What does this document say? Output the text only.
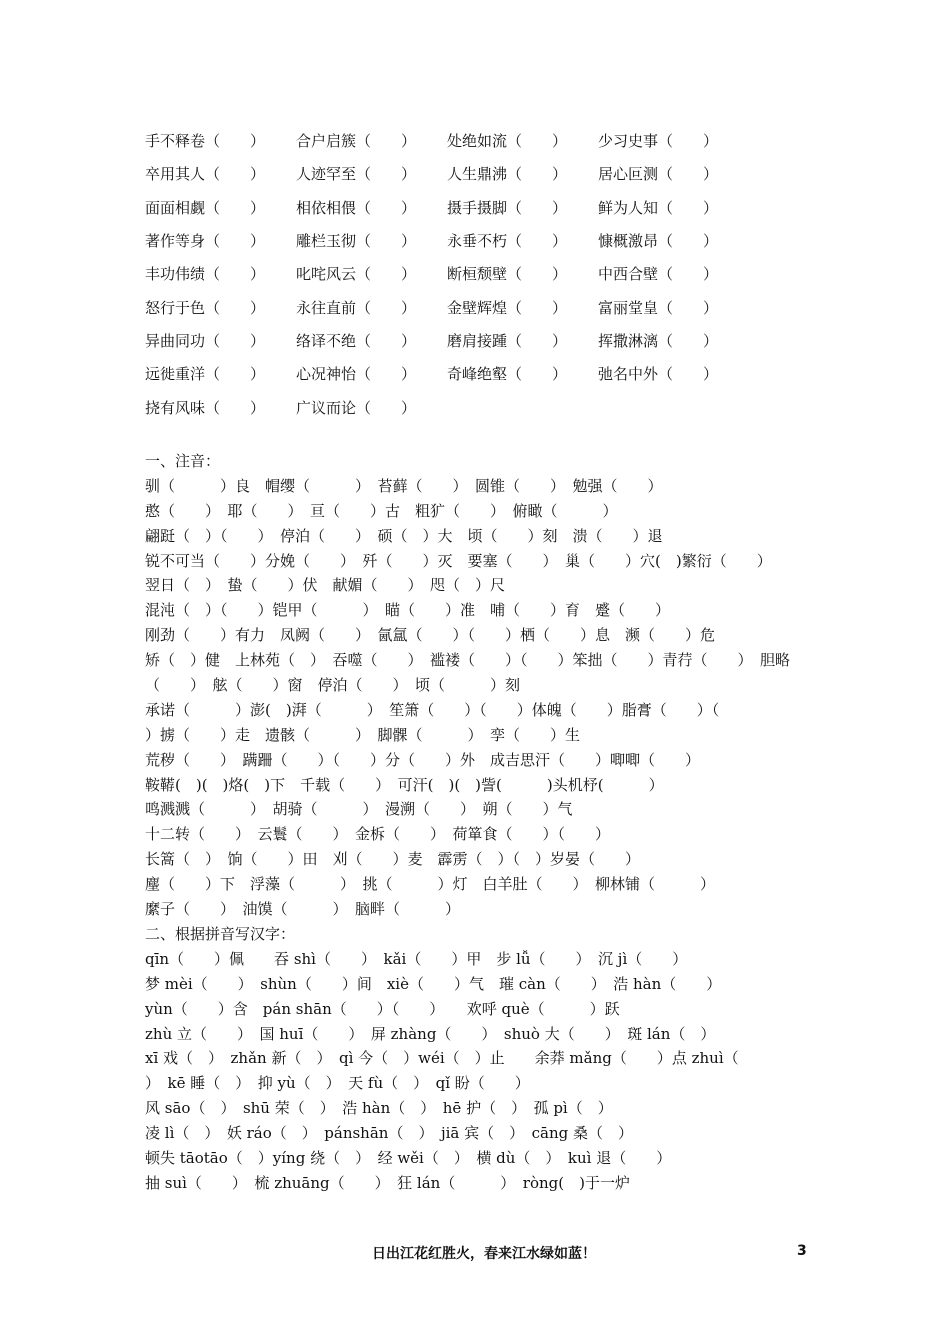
手不释卷（　　）	合户启簇（　　）	处绝如流（　　）	少习史事（　　）
卒用其人（　　）	人迹罕至（　　）	人生鼎沸（　　）	居心叵测（　　）
面面相觑（　　）	相依相偎（　　）	摄手摄脚（　　）	鲜为人知（　　）
著作等身（　　）	雕栏玉彻（　　）	永垂不朽（　　）	慷概激昂（　　）
丰功伟绩（　　）	叱咤风云（　　）	断桓颓壁（　　）	中西合壁（　　）
怒行于色（　　）	永往直前（　　）	金壁辉煌（　　）	富丽堂皇（　　）
异曲同功（　　）	络译不绝（　　）	磨肩接踵（　　）	挥撒淋漓（　　）
远徙重洋（　　）	心况神怡（　　）	奇峰绝壑（　　）	弛名中外（　　）
挠有风味（　　）	广议而论（　　）
一、注音：
驯（　　　）良　帽缨（　　　）　苔藓（　　）　圆锥（　　）　勉强（　　）
憨（　　）　耶（　　）　亘（　　）古　粗犷（　　）　俯瞰（　　　）
翩跹（　）（　　）　停泊（　　）　硕（　）大　顷（　　）刻　溃（　　）退
锐不可当（　　）分娩（　　）　歼（　　）灭　要塞（　　）　巢（　　）穴(　)繁衍（　　）
翌日（　）　蛰（　　）伏　献媚（　　）　咫（　）尺
混沌（　）（　　）铠甲（　　　）　瞄（　　）准　哺（　　）育　蹙（　　）
刚劲（　　）有力　凤阙（　　）　氤氲（　　）（　　）栖（　　）息　濒（　　）危
矫（　）健　上林苑（　）　吞噬（　　）　褴褛（　　）（　　）笨拙（　　）青荇（　　）　胆略
（　　）　舷（　　）窗　停泊（　　）　顷（　　　）刻
承诺（　　　）澎(　)湃（　　　）　笙箫（　　）（　　）体魄（　　）脂膏（　　）（
）掳（　　）走　遗骸（　　　）　脚髁（　　　）　孪（　　）生
荒秽（　　）　蹒跚（　　）（　　）分（　　）外　成吉思汗（　　）唧唧（　　）
鞍鞯(　)(　)烙(　)下　千载（　　）　可汗(　)(　)訾(　　　)头机杼(　　　）
鸣溅溅（　　　）　胡骑（　　　）　漫溯（　　）　朔（　　）气
十二转（　　）　云鬟（　　）　金柝（　　）　荷箪食（　　）（　　）
长篙（　）　饷（　　）田　刈（　　）麦　霹雳（　）（　）岁晏（　　）
麈（　　）下　浮藻（　　　）　挑（　　　）灯　白羊肚（　　）　柳林铺（　　　）
縻子（　　）　油馍（　　　）　脑畔（　　　）
二、根据拼音写汉字：
qīn（　　）佩　　吞 shì（　　）　kǎi（　　）甲　步 lǚ（　　）　沉 jì（　　）
梦 mèi（　　）　shùn（　　）间　xiè（　　）气　璀 càn（　　）　浩 hàn（　　）
yùn（　　）含　pán shān（　　）（　　）　　欢呼 què（　　　）跃
zhù 立（　　）　国 huī（　　）　屏 zhàng（　　）　shuò 大（　　）　斑 lán（　）
xī 戏（　）　zhǎn 新（　）　qì 今（　）wéi（　）止　　余莽 mǎng（　　）点 zhuì（
）　kē 睡（　）　抑 yù（　）　天 fù（　）　qǐ 盼（　　）
风 sāo（　）　shū 荣（　）　浩 hàn（　）　hē 护（　）　孤 pì（　）
凌 lì（　）　妖 ráo（　）　pánshān（　）　jiā 宾（　）　cāng 桑（　）
顿失 tāotāo（　）yíng 绕（　）　经 wěi（　）　横 dù（　）　kuì 退（　　）
抽 suì（　　）　梳 zhuāng（　　）　狂 lán（　　　）　ròng(　)于一炉
日出江花红胜火，春来江水绿如蓝！	3
